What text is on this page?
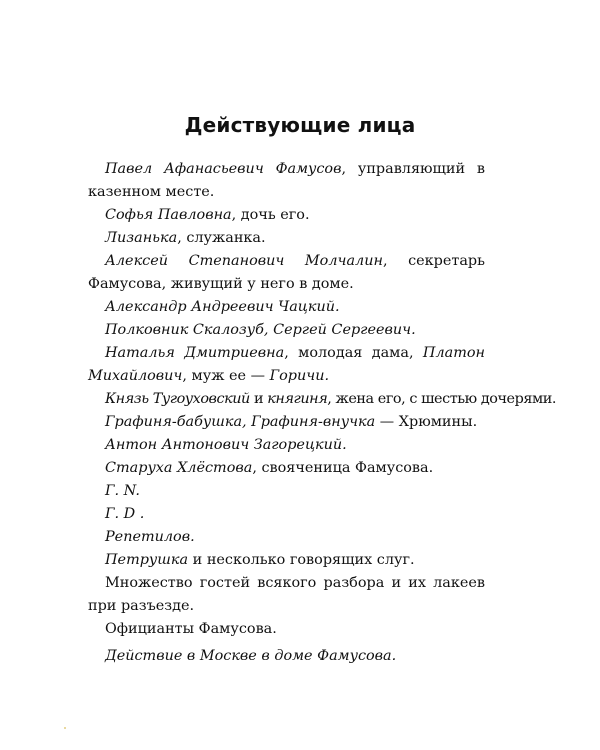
Действующие лица

Павел Афанасьевич Фамусов, управляющий в казенном месте.

Софья Павловна, дочь его.

Лизанька, служанка.

Алексей Степанович Молчалин, секретарь Фамусова, живущий у него в доме.

Александр Андреевич Чацкий.

Полковник Скалозуб, Сергей Сергеевич.

Наталья Дмитриевна, молодая дама, Платон Михайлович, муж ее — Горичи.

Князь Тугоуховский и княгиня, жена его, с шестью дочерями.

Графиня-бабушка, Графиня-внучка — Хрюмины.

Антон Антонович Загорецкий.

Старуха Хлёстова, свояченица Фамусова.

Г. N.

Г. D .

Репетилов.

Петрушка и несколько говорящих слуг.

Множество гостей всякого разбора и их лакеев при разъезде.

Официанты Фамусова.

Действие в Москве в доме Фамусова.
